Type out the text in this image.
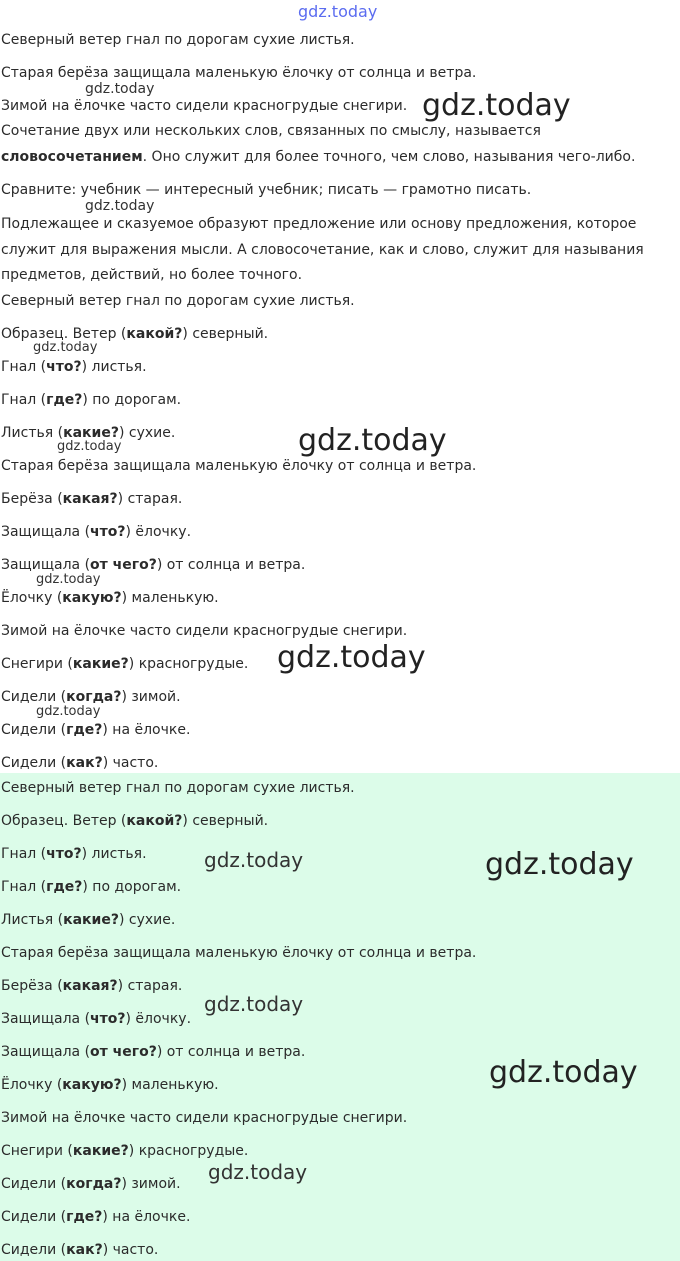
gdz.today
Северный ветер гнал по дорогам сухие листья.
Старая берёза защищала маленькую ёлочку от солнца и ветра.
Зимой на ёлочке часто сидели красногрудые снегири.
Сочетание двух или нескольких слов, связанных по смыслу, называется
словосочетанием. Оно служит для более точного, чем слово, называния чего-либо.
Сравните: учебник — интересный учебник; писать — грамотно писать.
Подлежащее и сказуемое образуют предложение или основу предложения, которое
служит для выражения мысли. А словосочетание, как и слово, служит для называния
предметов, действий, но более точного.
Северный ветер гнал по дорогам сухие листья.
Образец. Ветер (какой?) северный.
Гнал (что?) листья.
Гнал (где?) по дорогам.
Листья (какие?) сухие.
Старая берёза защищала маленькую ёлочку от солнца и ветра.
Берёза (какая?) старая.
Защищала (что?) ёлочку.
Защищала (от чего?) от солнца и ветра.
Ёлочку (какую?) маленькую.
Зимой на ёлочке часто сидели красногрудые снегири.
Снегири (какие?) красногрудые.
Сидели (когда?) зимой.
Сидели (где?) на ёлочке.
Сидели (как?) часто.
Северный ветер гнал по дорогам сухие листья.
Образец. Ветер (какой?) северный.
Гнал (что?) листья.
Гнал (где?) по дорогам.
Листья (какие?) сухие.
Старая берёза защищала маленькую ёлочку от солнца и ветра.
Берёза (какая?) старая.
Защищала (что?) ёлочку.
Защищала (от чего?) от солнца и ветра.
Ёлочку (какую?) маленькую.
Зимой на ёлочке часто сидели красногрудые снегири.
Снегири (какие?) красногрудые.
Сидели (когда?) зимой.
Сидели (где?) на ёлочке.
Сидели (как?) часто.
gdz.today	gdz.today
gdz.today
gdz.today
gdz.today
gdz.today
gdz.today
gdz.today
gdz.today
gdz.today	gdz.today
gdz.today
gdz.today
gdz.today
